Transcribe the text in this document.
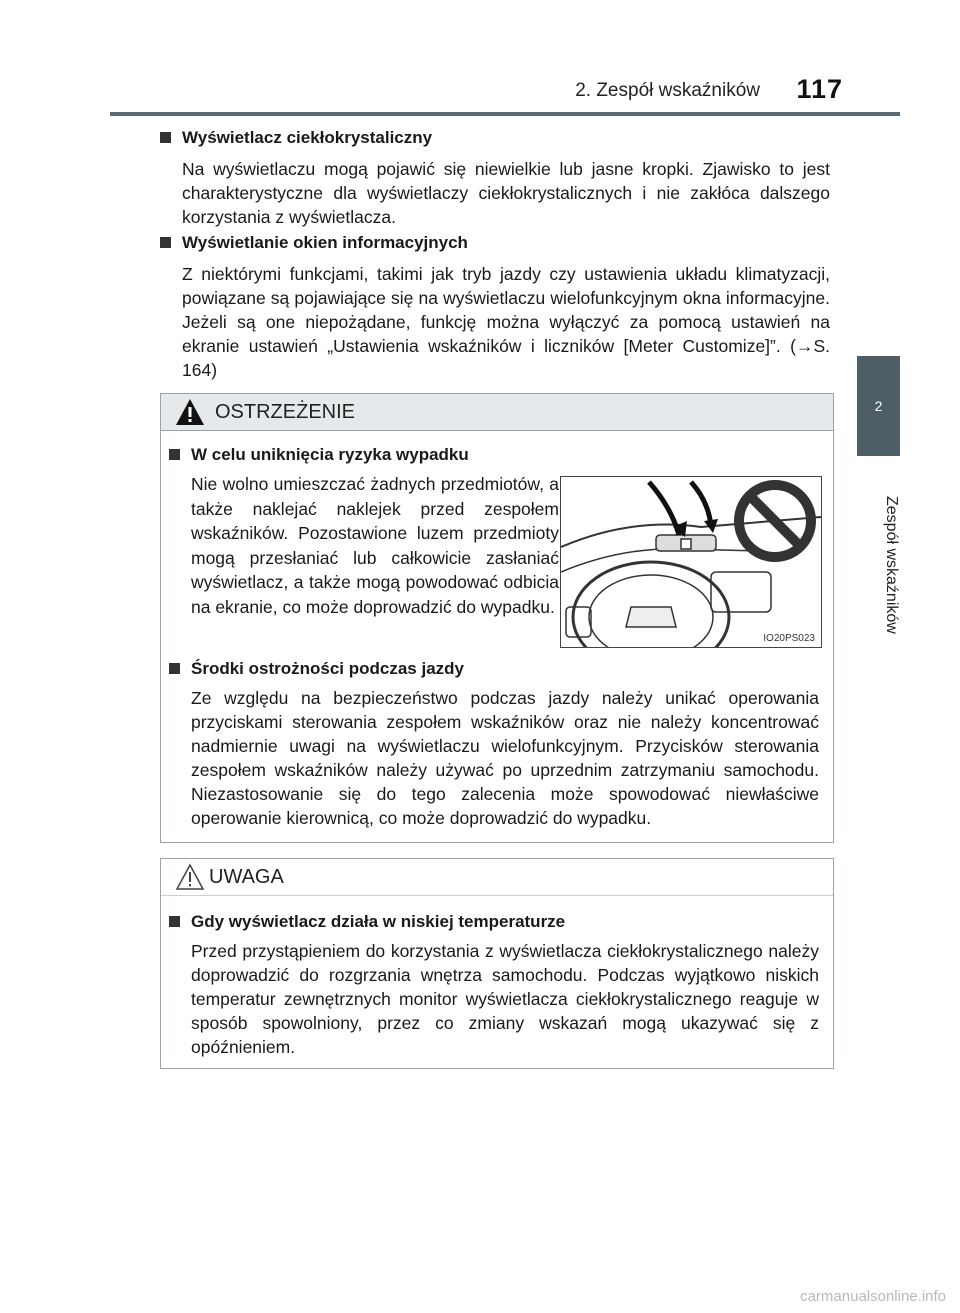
2. Zespół wskaźników 117
2
Zespół wskaźników
Wyświetlacz ciekłokrystaliczny

Na wyświetlaczu mogą pojawić się niewielkie lub jasne kropki. Zjawisko to jest charakterystyczne dla wyświetlaczy ciekłokrystalicznych i nie zakłóca dalszego korzystania z wyświetlacza.

Wyświetlanie okien informacyjnych

Z niektórymi funkcjami, takimi jak tryb jazdy czy ustawienia układu klimatyzacji, powiązane są pojawiające się na wyświetlaczu wielofunkcyjnym okna informacyjne. Jeżeli są one niepożądane, funkcję można wyłączyć za pomocą ustawień na ekranie ustawień „Ustawienia wskaźników i liczników [Meter Customize]”. (→S. 164)

OSTRZEŻENIE
W celu uniknięcia ryzyka wypadku

Nie wolno umieszczać żadnych przedmiotów, a także naklejać naklejek przed zespołem wskaźników. Pozostawione luzem przedmioty mogą przesłaniać lub całkowicie zasłaniać wyświetlacz, a także mogą powodować odbicia na ekranie, co może doprowadzić do wypadku.

IO20PS023
Środki ostrożności podczas jazdy

Ze względu na bezpieczeństwo podczas jazdy należy unikać operowania przyciskami sterowania zespołem wskaźników oraz nie należy koncentrować nadmiernie uwagi na wyświetlaczu wielofunkcyjnym. Przycisków sterowania zespołem wskaźników należy używać po uprzednim zatrzymaniu samochodu. Niezastosowanie się do tego zalecenia może spowodować niewłaściwe operowanie kierownicą, co może doprowadzić do wypadku.

UWAGA
Gdy wyświetlacz działa w niskiej temperaturze

Przed przystąpieniem do korzystania z wyświetlacza ciekłokrystalicznego należy doprowadzić do rozgrzania wnętrza samochodu. Podczas wyjątkowo niskich temperatur zewnętrznych monitor wyświetlacza ciekłokrystalicznego reaguje w sposób spowolniony, przez co zmiany wskazań mogą ukazywać się z opóźnieniem.

carmanualsonline.info
